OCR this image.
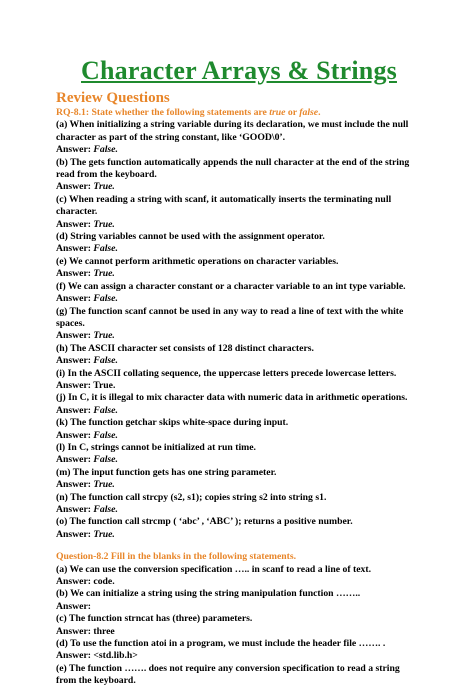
Character Arrays & Strings
Review Questions
RQ-8.1: State whether the following statements are true or false.
(a) When initializing a string variable during its declaration, we must include the null
character as part of the string constant, like ‘GOOD\0’.
Answer: False.
(b) The gets function automatically appends the null character at the end of the string
read from the keyboard.
Answer: True.
(c) When reading a string with scanf, it automatically inserts the terminating null
character.
Answer: True.
(d) String variables cannot be used with the assignment operator.
Answer: False.
(e) We cannot perform arithmetic operations on character variables.
Answer: True.
(f) We can assign a character constant or a character variable to an int type variable.
Answer: False.
(g) The function scanf cannot be used in any way to read a line of text with the white
spaces.
Answer: True.
(h) The ASCII character set consists of 128 distinct characters.
Answer: False.
(i) In the ASCII collating sequence, the uppercase letters precede lowercase letters.
Answer: True.
(j) In C, it is illegal to mix character data with numeric data in arithmetic operations.
Answer: False.
(k) The function getchar skips white-space during input.
Answer: False.
(l) In C, strings cannot be initialized at run time.
Answer: False.
(m) The input function gets has one string parameter.
Answer: True.
(n) The function call strcpy (s2, s1); copies string s2 into string s1.
Answer: False.
(o) The function call strcmp ( ‘abc’ , ‘ABC’ ); returns a positive number.
Answer: True.
Question-8.2 Fill in the blanks in the following statements.
(a) We can use the conversion specification ….. in scanf to read a line of text.
Answer: code.
(b) We can initialize a string using the string manipulation function ……..
Answer:
(c) The function strncat has (three) parameters.
Answer: three
(d) To use the function atoi in a program, we must include the header file ……. .
Answer: <std.lib.h>
(e) The function ……. does not require any conversion specification to read a string
from the keyboard.
